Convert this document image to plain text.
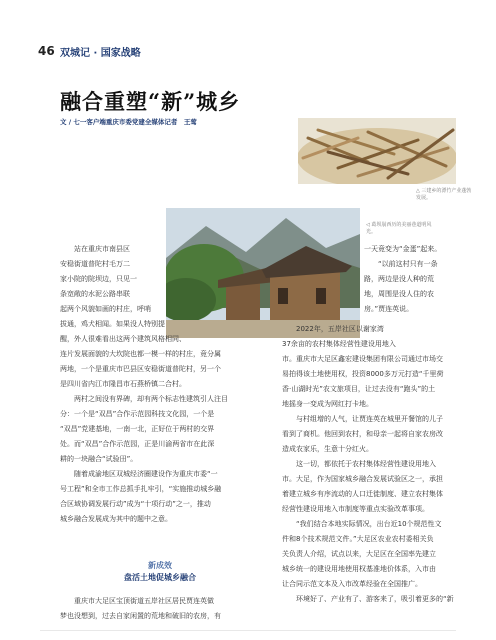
46 双城记 · 国家战略
融合重塑“新”城乡
文 / 七一客户端重庆市委党建全媒体记者　王莺
△ 三建乡的漂竹产业蓬勃发展。
◁ 葛坝崩西历的美丽巷道明风光。

站在重庆市南县区

安稳街道普陀村毛万二

家小院的院坝边，只见一

条宽敞的水泥公路串联

起两个风貌如画的村庄，呼哨

拔通，鸡犬相闻。如果没人特别提

醒，外人很难看出这两个建筑风格相同、

连片发展面貌的大坎院也都一模一样的村庄，竟分属

两地，一个是重庆市巴县区安稳街道普陀村，另一个

是四川省内江市隆昌市石燕桥镇二合村。

两村之间没有界碑，却有两个标志性建筑引人注目

分：一个是“双昌”合作示范园科技文化园，一个是

“双昌”党建基地，一南一北，正好位于两村的交界

处。而“双昌”合作示范园，正是川渝两省市在此深

耕的一块融合“试验田”。

随着成渝地区双城经济圈建设作为重庆市委“一

号工程”和全市工作总抓手扎牢引，“实施推动城乡融

合区域协调发展行动”成为“十项行动”之一，推动

城乡融合发展成为其中的题中之意。

新成效
盘活土地促城乡融合

重庆市大足区宝顶街道五岸社区居民贾连英做

梦也没想到，过去自家闲置的荒地和破旧的农房，有

一天竟变为“金蛋”起来。

“以前这村只有一条

路，两边是没人种的荒

地，周围是没人住的农

房。”贾连英说。

2022年，五岸社区以谢家湾

37余亩的农村集体经营性建设用地入

市。重庆市大足区鑫宏建设集团有限公司通过市场交

易拍得该土地使用权，投资8000多万元打造“千里荷

香·山湖时光”农文旅项目，让过去没有“跑头”的土

地摇身一变成为网红打卡地。

与村组增的人气，让贾连英在城里开餐馆的儿子

看到了商机。他回到农村，和母亲一起将自家农房改

造成农家乐，生意十分红火。

这一切，都依托于农村集体经营性建设用地入

市。大足，作为国家城乡融合发展试验区之一，承担

着建立城乡有序流动的人口迁徙制度、建立农村集体

经营性建设用地入市制度等重点实验改革事项。

“我们结合本地实际情况，出台近10个规范性文

件和8个技术规范文件。”大足区农业农村委相关负

关负责人介绍，试点以来，大足区在全国率先建立

城乡统一的建设用地使用权基准地价体系，入市由

让合同示范文本及入市改革经验在全国推广。

环境好了、产业有了、游客来了，吸引着更多的“新
